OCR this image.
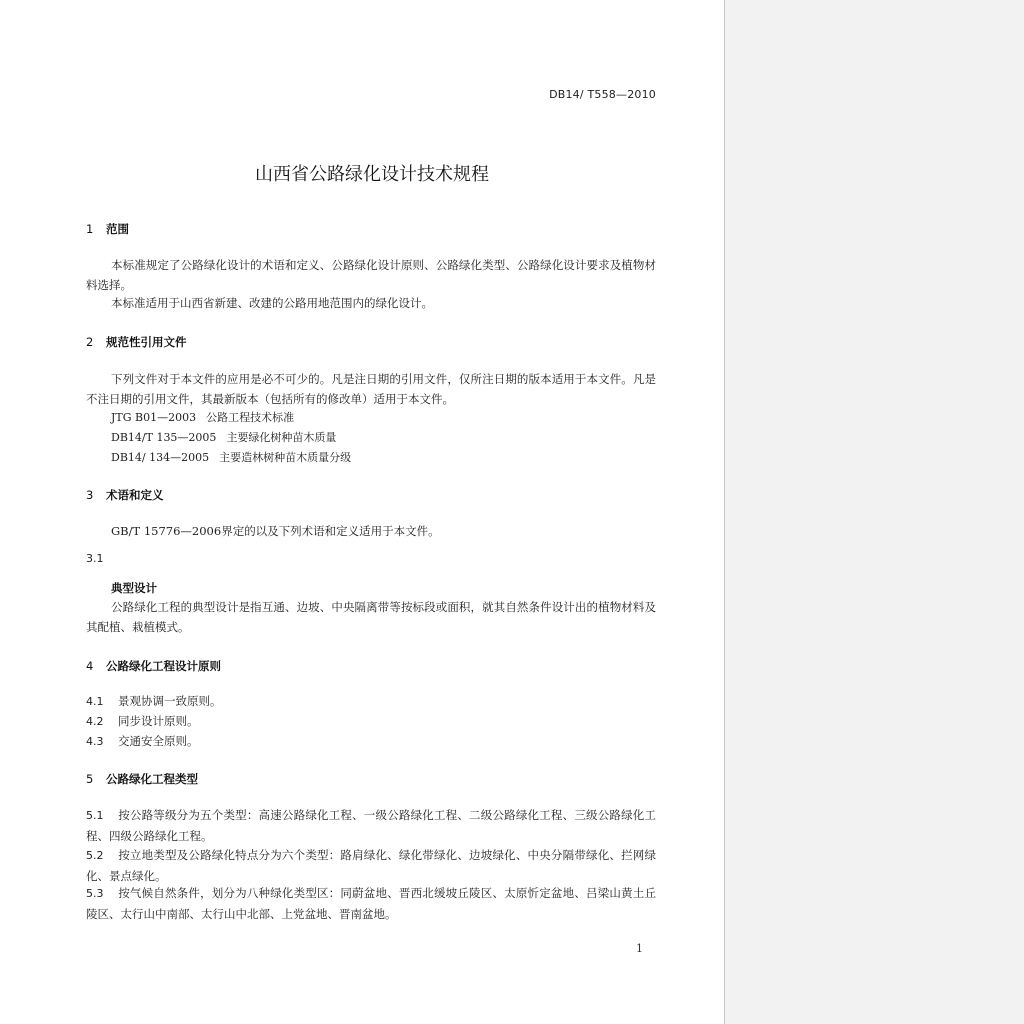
DB14/ T558—2010
山西省公路绿化设计技术规程
1 范围

本标准规定了公路绿化设计的术语和定义、公路绿化设计原则、公路绿化类型、公路绿化设计要求及植物材料选择。

本标准适用于山西省新建、改建的公路用地范围内的绿化设计。

2 规范性引用文件

下列文件对于本文件的应用是必不可少的。凡是注日期的引用文件，仅所注日期的版本适用于本文件。凡是不注日期的引用文件，其最新版本（包括所有的修改单）适用于本文件。

JTG B01—2003 公路工程技术标准
DB14/T 135—2005 主要绿化树种苗木质量
DB14/ 134—2005 主要造林树种苗木质量分级
3 术语和定义

GB/T 15776—2006界定的以及下列术语和定义适用于本文件。

3.1
典型设计

公路绿化工程的典型设计是指互通、边坡、中央隔离带等按标段或面积，就其自然条件设计出的植物材料及其配植、栽植模式。

4 公路绿化工程设计原则
4.1 景观协调一致原则。
4.2 同步设计原则。
4.3 交通安全原则。
5 公路绿化工程类型

5.1 按公路等级分为五个类型：高速公路绿化工程、一级公路绿化工程、二级公路绿化工程、三级公路绿化工程、四级公路绿化工程。

5.2 按立地类型及公路绿化特点分为六个类型：路肩绿化、绿化带绿化、边坡绿化、中央分隔带绿化、拦网绿化、景点绿化。

5.3 按气候自然条件，划分为八种绿化类型区：同蔚盆地、晋西北缓坡丘陵区、太原忻定盆地、吕梁山黄土丘陵区、太行山中南部、太行山中北部、上党盆地、晋南盆地。

1
